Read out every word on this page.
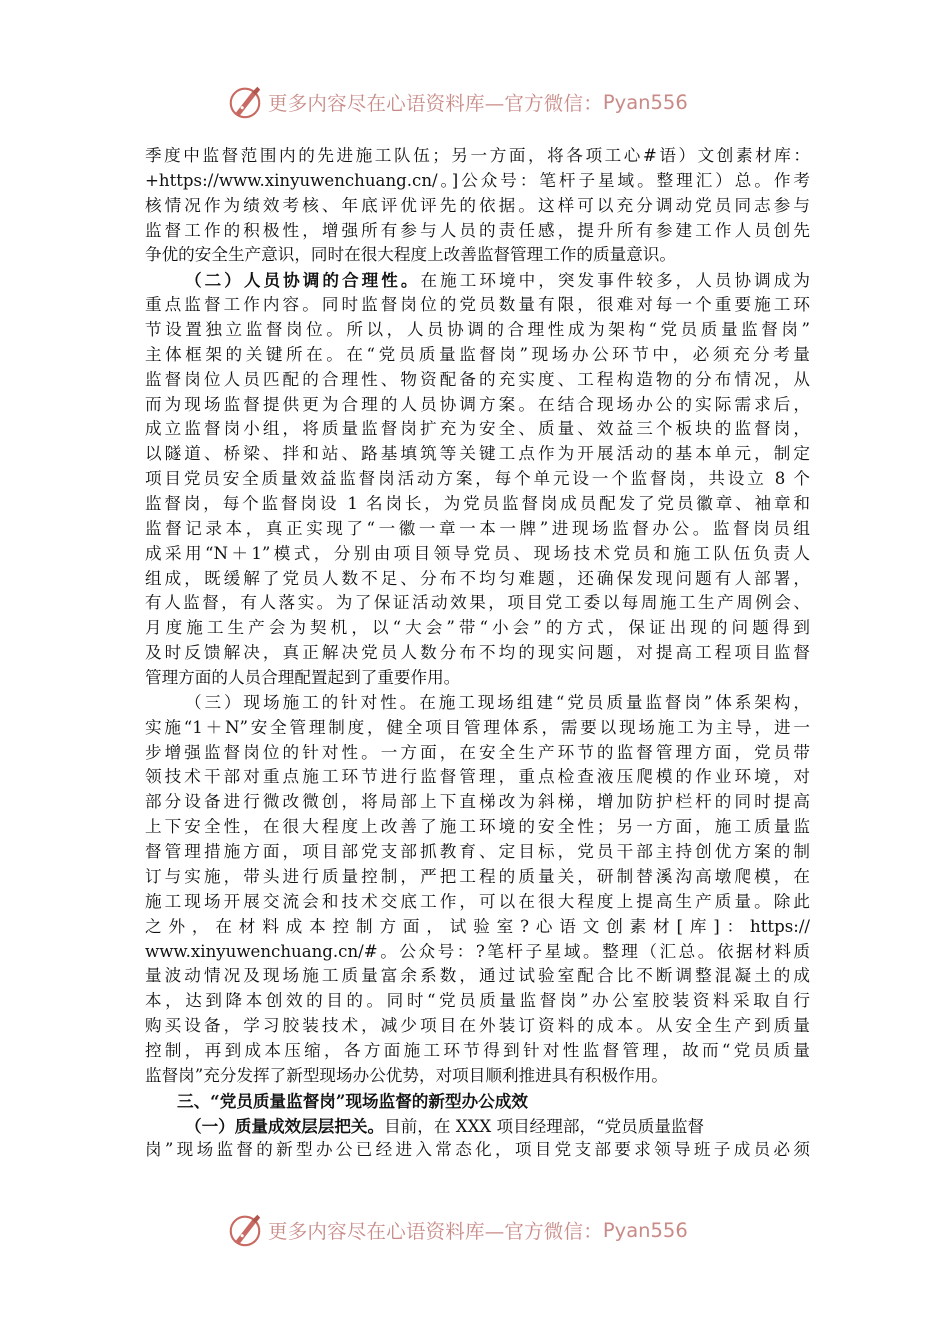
更多内容尽在心语资料库—官方微信： Pyan556
季度中监督范围内的先进施工队伍；另一方面，将各项工心#语）文创素材库：
+https://www.xinyuwenchuang.cn/。]公众号：笔杆子星域。整理汇）总。作考
核情况作为绩效考核、年底评优评先的依据。这样可以充分调动党员同志参与
监督工作的积极性，增强所有参与人员的责任感，提升所有参建工作人员创先
争优的安全生产意识，同时在很大程度上改善监督管理工作的质量意识。
（二）人员协调的合理性。在施工环境中，突发事件较多，人员协调成为
重点监督工作内容。同时监督岗位的党员数量有限，很难对每一个重要施工环
节设置独立监督岗位。所以，人员协调的合理性成为架构“党员质量监督岗”
主体框架的关键所在。在“党员质量监督岗”现场办公环节中，必须充分考量
监督岗位人员匹配的合理性、物资配备的充实度、工程构造物的分布情况，从
而为现场监督提供更为合理的人员协调方案。在结合现场办公的实际需求后，
成立监督岗小组，将质量监督岗扩充为安全、质量、效益三个板块的监督岗，
以隧道、桥梁、拌和站、路基填筑等关键工点作为开展活动的基本单元，制定
项目党员安全质量效益监督岗活动方案，每个单元设一个监督岗，共设立 8 个
监督岗，每个监督岗设 1 名岗长，为党员监督岗成员配发了党员徽章、袖章和
监督记录本，真正实现了“一徽一章一本一牌”进现场监督办公。监督岗员组
成采用“N＋1”模式，分别由项目领导党员、现场技术党员和施工队伍负责人
组成，既缓解了党员人数不足、分布不均匀难题，还确保发现问题有人部署，
有人监督，有人落实。为了保证活动效果，项目党工委以每周施工生产周例会、
月度施工生产会为契机，以“大会”带“小会”的方式，保证出现的问题得到
及时反馈解决，真正解决党员人数分布不均的现实问题，对提高工程项目监督
管理方面的人员合理配置起到了重要作用。
（三）现场施工的针对性。在施工现场组建“党员质量监督岗”体系架构，
实施“1＋N”安全管理制度，健全项目管理体系，需要以现场施工为主导，进一
步增强监督岗位的针对性。一方面，在安全生产环节的监督管理方面，党员带
领技术干部对重点施工环节进行监督管理，重点检查液压爬模的作业环境，对
部分设备进行微改微创，将局部上下直梯改为斜梯，增加防护栏杆的同时提高
上下安全性，在很大程度上改善了施工环境的安全性；另一方面，施工质量监
督管理措施方面，项目部党支部抓教育、定目标，党员干部主持创优方案的制
订与实施，带头进行质量控制，严把工程的质量关，研制替溪沟高墩爬模，在
施工现场开展交流会和技术交底工作，可以在很大程度上提高生产质量。除此
之外，在材料成本控制方面，试验室?心语文创素材[库]：https://
www.xinyuwenchuang.cn/#。公众号：?笔杆子星域。整理（汇总。依据材料质
量波动情况及现场施工质量富余系数，通过试验室配合比不断调整混凝土的成
本，达到降本创效的目的。同时“党员质量监督岗”办公室胶装资料采取自行
购买设备，学习胶装技术，减少项目在外装订资料的成本。从安全生产到质量
控制，再到成本压缩，各方面施工环节得到针对性监督管理，故而“党员质量
监督岗”充分发挥了新型现场办公优势，对项目顺利推进具有积极作用。
三、“党员质量监督岗”现场监督的新型办公成效
（一）质量成效层层把关。目前，在 XXX 项目经理部，“党员质量监督
岗”现场监督的新型办公已经进入常态化，项目党支部要求领导班子成员必须
更多内容尽在心语资料库—官方微信： Pyan556
